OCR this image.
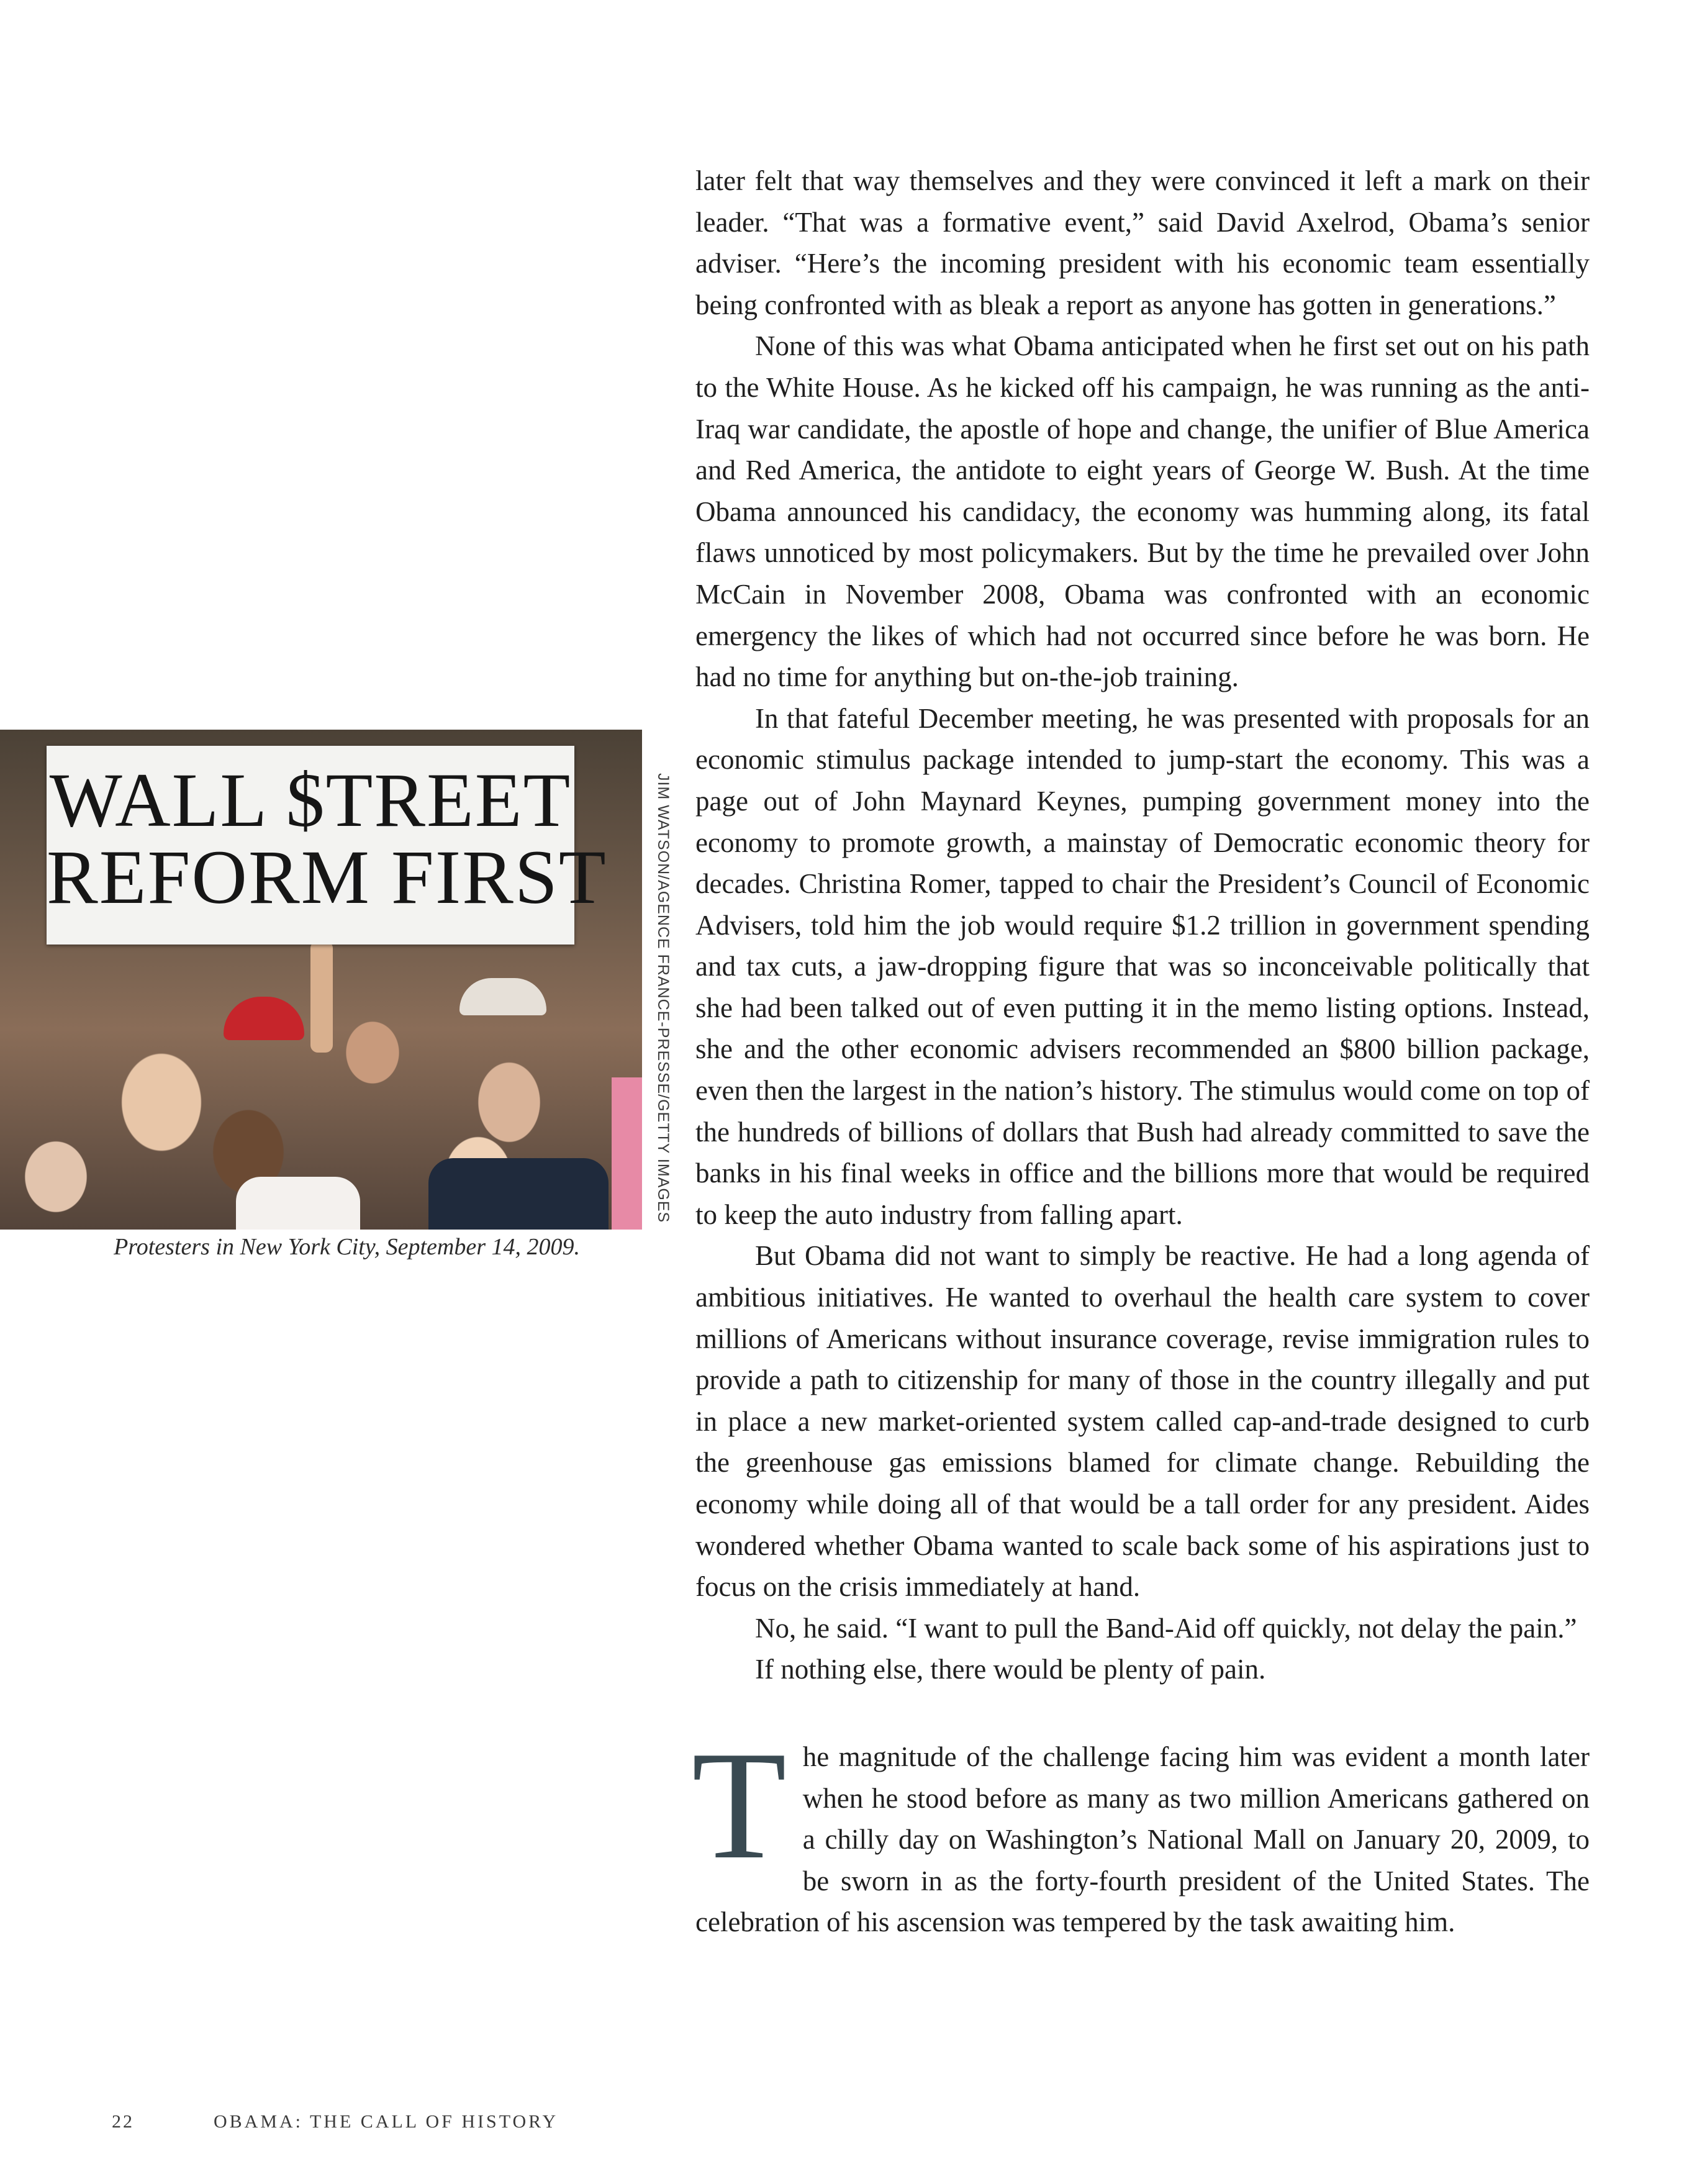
WALL $TREET
REFORM FIRST	JIM WATSON/AGENCE FRANCE-PRESSE/GETTY IMAGES
Protesters in New York City, September 14, 2009.

later felt that way themselves and they were convinced it left a mark on their leader. “That was a formative event,” said David Axelrod, Obama’s senior adviser. “Here’s the incoming president with his economic team essentially being confronted with as bleak a report as anyone has gotten in generations.”

None of this was what Obama anticipated when he first set out on his path to the White House. As he kicked off his campaign, he was running as the anti-Iraq war candidate, the apostle of hope and change, the unifier of Blue America and Red America, the antidote to eight years of George W. Bush. At the time Obama announced his candidacy, the economy was humming along, its fatal flaws unnoticed by most policymakers. But by the time he prevailed over John McCain in November 2008, Obama was confronted with an economic emergency the likes of which had not occurred since before he was born. He had no time for anything but on-the-job training.

In that fateful December meeting, he was presented with proposals for an economic stimulus package intended to jump-start the economy. This was a page out of John Maynard Keynes, pumping government money into the economy to promote growth, a mainstay of Democratic economic theory for decades. Christina Romer, tapped to chair the President’s Council of Economic Advisers, told him the job would require $1.2 trillion in government spending and tax cuts, a jaw-dropping figure that was so inconceivable politically that she had been talked out of even putting it in the memo listing options. Instead, she and the other economic advisers recommended an $800 billion package, even then the largest in the nation’s history. The stimulus would come on top of the hundreds of billions of dollars that Bush had already committed to save the banks in his final weeks in office and the billions more that would be required to keep the auto industry from falling apart.

But Obama did not want to simply be reactive. He had a long agenda of ambitious initiatives. He wanted to overhaul the health care system to cover millions of Americans without insurance coverage, revise immigration rules to provide a path to citizenship for many of those in the country illegally and put in place a new market-oriented system called cap-and-trade designed to curb the greenhouse gas emissions blamed for climate change. Rebuilding the economy while doing all of that would be a tall order for any president. Aides wondered whether Obama wanted to scale back some of his aspirations just to focus on the crisis immediately at hand.

No, he said. “I want to pull the Band-Aid off quickly, not delay the pain.”

If nothing else, there would be plenty of pain.

The magnitude of the challenge facing him was evident a month later when he stood before as many as two million Americans gathered on a chilly day on Washington’s National Mall on January 20, 2009, to be sworn in as the forty-fourth president of the United States. The celebration of his ascension was tempered by the task awaiting him.

22	OBAMA: THE CALL OF HISTORY
